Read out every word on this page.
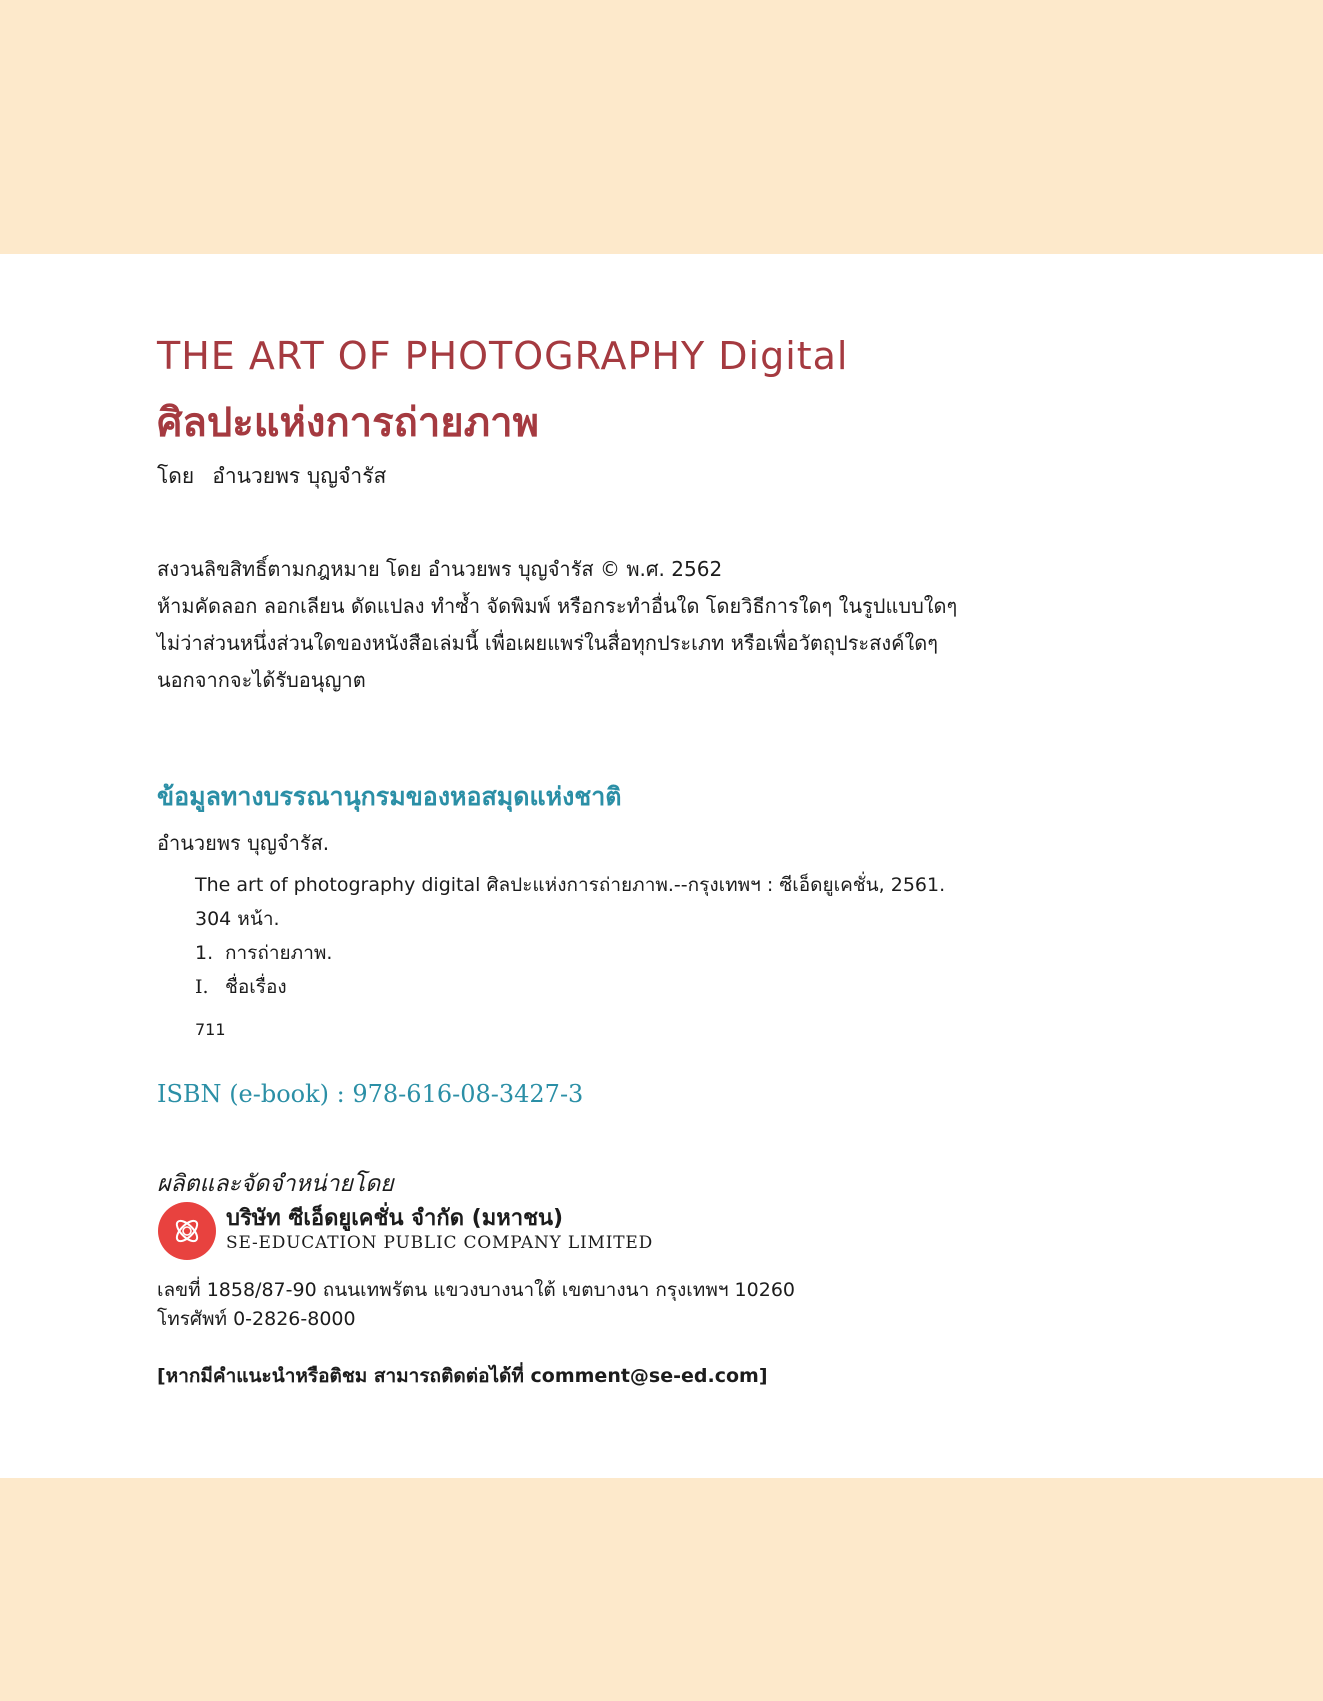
THE ART OF PHOTOGRAPHY Digital
ศิลปะแห่งการถ่ายภาพ
โดย อำนวยพร บุญจำรัส
สงวนลิขสิทธิ์ตามกฎหมาย โดย อำนวยพร บุญจำรัส © พ.ศ. 2562
ห้ามคัดลอก ลอกเลียน ดัดแปลง ทำซ้ำ จัดพิมพ์ หรือกระทำอื่นใด โดยวิธีการใดๆ ในรูปแบบใดๆ
ไม่ว่าส่วนหนึ่งส่วนใดของหนังสือเล่มนี้ เพื่อเผยแพร่ในสื่อทุกประเภท หรือเพื่อวัตถุประสงค์ใดๆ
นอกจากจะได้รับอนุญาต
ข้อมูลทางบรรณานุกรมของหอสมุดแห่งชาติ
อำนวยพร บุญจำรัส.
The art of photography digital ศิลปะแห่งการถ่ายภาพ.--กรุงเทพฯ : ซีเอ็ดยูเคชั่น, 2561.
304 หน้า.
1. การถ่ายภาพ.
I. ชื่อเรื่อง
711
ISBN (e-book) : 978-616-08-3427-3
ผลิตและจัดจำหน่ายโดย
บริษัท ซีเอ็ดยูเคชั่น จำกัด (มหาชน)
SE-EDUCATION PUBLIC COMPANY LIMITED
เลขที่ 1858/87-90 ถนนเทพรัตน แขวงบางนาใต้ เขตบางนา กรุงเทพฯ 10260
โทรศัพท์ 0-2826-8000
[หากมีคำแนะนำหรือติชม สามารถติดต่อได้ที่ comment@se-ed.com]
